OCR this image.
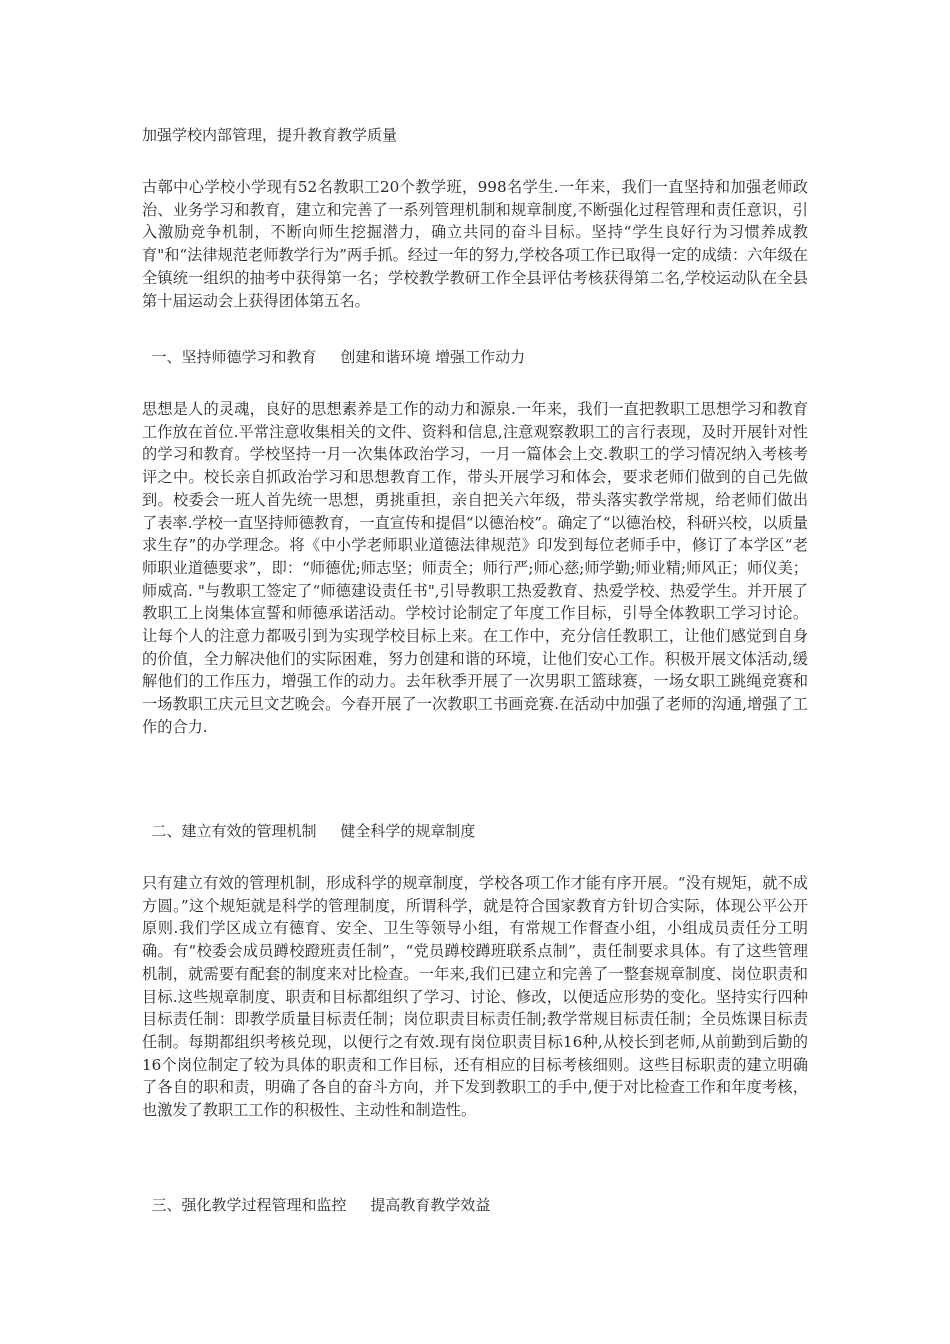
加强学校内部管理，提升教育教学质量

古鄣中心学校小学现有52名教职工20个教学班，998名学生.一年来，我们一直坚持和加强老师政治、业务学习和教育，建立和完善了一系列管理机制和规章制度,不断强化过程管理和责任意识，引入激励竞争机制，不断向师生挖掘潜力，确立共同的奋斗目标。坚持“学生良好行为习惯养成教育"和“法律规范老师教学行为”两手抓。经过一年的努力,学校各项工作已取得一定的成绩：六年级在全镇统一组织的抽考中获得第一名；学校教学教研工作全县评估考核获得第二名,学校运动队在全县第十届运动会上获得团体第五名。

一、坚持师德学习和教育     创建和谐环境 增强工作动力

思想是人的灵魂，良好的思想素养是工作的动力和源泉.一年来，我们一直把教职工思想学习和教育工作放在首位.平常注意收集相关的文件、资料和信息,注意观察教职工的言行表现，及时开展针对性的学习和教育。学校坚持一月一次集体政治学习，一月一篇体会上交.教职工的学习情况纳入考核考评之中。校长亲自抓政治学习和思想教育工作，带头开展学习和体会，要求老师们做到的自己先做到。校委会一班人首先统一思想，勇挑重担，亲自把关六年级，带头落实教学常规，给老师们做出了表率.学校一直坚持师德教育，一直宣传和提倡“以德治校”。确定了“以德治校，科研兴校，以质量求生存”的办学理念。将《中小学老师职业道德法律规范》印发到每位老师手中，修订了本学区“老师职业道德要求”，即：“师德优;师志坚；师责全；师行严;师心慈;师学勤;师业精;师风正；师仪美；师威高. "与教职工签定了“师德建设责任书",引导教职工热爱教育、热爱学校、热爱学生。并开展了教职工上岗集体宣誓和师德承诺活动。学校讨论制定了年度工作目标，引导全体教职工学习讨论。让每个人的注意力都吸引到为实现学校目标上来。在工作中，充分信任教职工，让他们感觉到自身的价值，全力解决他们的实际困难，努力创建和谐的环境，让他们安心工作。积极开展文体活动,缓解他们的工作压力，增强工作的动力。去年秋季开展了一次男职工篮球赛，一场女职工跳绳竞赛和一场教职工庆元旦文艺晚会。今春开展了一次教职工书画竞赛.在活动中加强了老师的沟通,增强了工作的合力.

二、建立有效的管理机制     健全科学的规章制度

只有建立有效的管理机制，形成科学的规章制度，学校各项工作才能有序开展。“没有规矩，就不成方圆。”这个规矩就是科学的管理制度，所谓科学，就是符合国家教育方针切合实际，体现公平公开原则.我们学区成立有德育、安全、卫生等领导小组，有常规工作督查小组，小组成员责任分工明确。有“校委会成员蹲校蹬班责任制”，“党员蹲校蹲班联系点制”，责任制要求具体。有了这些管理机制，就需要有配套的制度来对比检查。一年来,我们已建立和完善了一整套规章制度、岗位职责和目标.这些规章制度、职责和目标都组织了学习、讨论、修改，以便适应形势的变化。坚持实行四种目标责任制：即教学质量目标责任制；岗位职责目标责任制;教学常规目标责任制；全员炼课目标责任制。每期都组织考核兑现，以便行之有效.现有岗位职责目标16种,从校长到老师,从前勤到后勤的16个岗位制定了较为具体的职责和工作目标，还有相应的目标考核细则。这些目标职责的建立明确了各自的职和责，明确了各自的奋斗方向，并下发到教职工的手中,便于对比检查工作和年度考核，也激发了教职工工作的积极性、主动性和制造性。

三、强化教学过程管理和监控     提高教育教学效益
